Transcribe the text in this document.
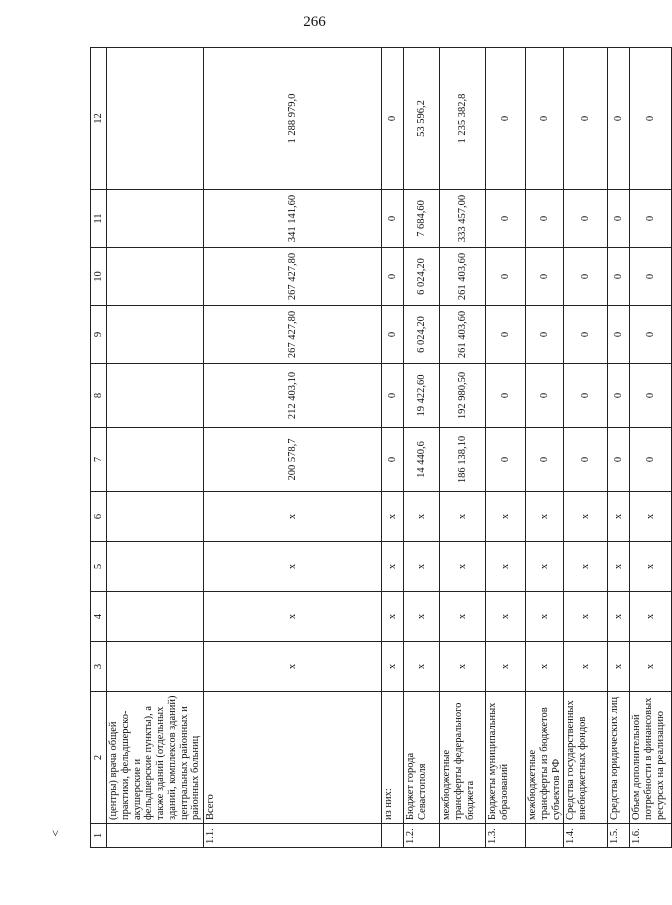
266
1	2	3	4	5	6	7	8	9	10	11	12
	(центры) врача общей практики, фельдшерско-акушерские и фельдшерские пункты), а также зданий (отдельных зданий, комплексов зданий) центральных районных и районных больниц										
1.1.	Всего	х	х	х	х	200 578,7	212 403,10	267 427,80	267 427,80	341 141,60	1 288 979,0
	из них:	х	х	х	х	0	0	0	0	0	0
1.2.	Бюджет города Севастополя	х	х	х	х	14 440,6	19 422,60	6 024,20	6 024,20	7 684,60	53 596,2
	межбюджетные трансферты федерального бюджета	х	х	х	х	186 138,10	192 980,50	261 403,60	261 403,60	333 457,00	1 235 382,8
1.3.	Бюджеты муниципальных образований	х	х	х	х	0	0	0	0	0	0
	межбюджетные трансферты из бюджетов субъектов РФ	х	х	х	х	0	0	0	0	0	0
1.4.	Средства государственных внебюджетных фондов	х	х	х	х	0	0	0	0	0	0
1.5.	Средства юридических лиц	х	х	х	х	0	0	0	0	0	0
1.6.	Объем дополнительной потребности в финансовых ресурсах на реализацию	х	х	х	х	0	0	0	0	0	0
˅
